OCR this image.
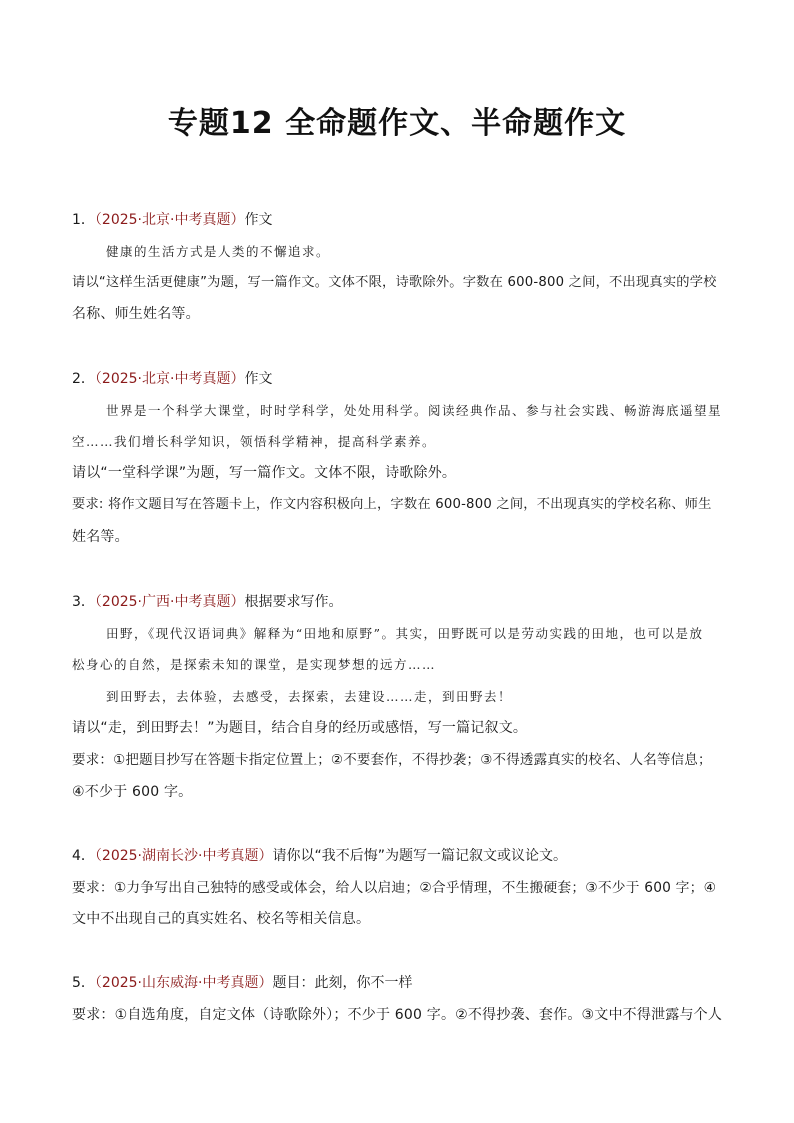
专题12 全命题作文、半命题作文
1．（2025·北京·中考真题）作文
健康的生活方式是人类的不懈追求。
请以“这样生活更健康”为题，写一篇作文。文体不限，诗歌除外。字数在 600-800 之间，不出现真实的学校
名称、师生姓名等。
2．（2025·北京·中考真题）作文
世界是一个科学大课堂，时时学科学，处处用科学。阅读经典作品、参与社会实践、畅游海底遥望星
空……我们增长科学知识，领悟科学精神，提高科学素养。
请以“一堂科学课”为题，写一篇作文。文体不限，诗歌除外。
要求: 将作文题目写在答题卡上，作文内容积极向上，字数在 600-800 之间，不出现真实的学校名称、师生
姓名等。
3．（2025·广西·中考真题）根据要求写作。
田野，《现代汉语词典》解释为“田地和原野”。其实，田野既可以是劳动实践的田地，也可以是放
松身心的自然，是探索未知的课堂，是实现梦想的远方……
到田野去，去体验，去感受，去探索，去建设……走，到田野去！
请以“走，到田野去！”为题目，结合自身的经历或感悟，写一篇记叙文。
要求：①把题目抄写在答题卡指定位置上；②不要套作，不得抄袭；③不得透露真实的校名、人名等信息；
④不少于 600 字。
4．（2025·湖南长沙·中考真题）请你以“我不后悔”为题写一篇记叙文或议论文。
要求：①力争写出自己独特的感受或体会，给人以启迪；②合乎情理，不生搬硬套；③不少于 600 字；④
文中不出现自己的真实姓名、校名等相关信息。
5．（2025·山东威海·中考真题）题目：此刻，你不一样
要求：①自选角度，自定文体（诗歌除外）；不少于 600 字。②不得抄袭、套作。③文中不得泄露与个人
